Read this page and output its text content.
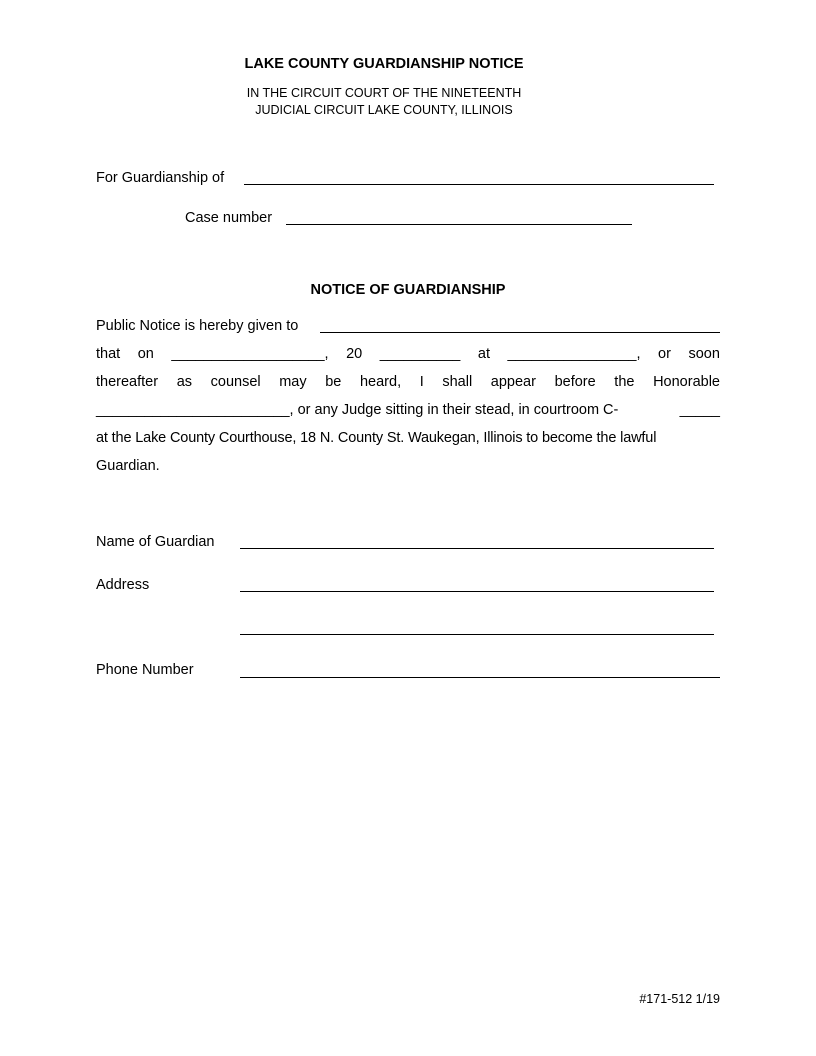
LAKE COUNTY GUARDIANSHIP NOTICE
IN THE CIRCUIT COURT OF THE NINETEENTH
JUDICIAL CIRCUIT LAKE COUNTY, ILLINOIS
For Guardianship of
Case number
NOTICE OF GUARDIANSHIP
Public Notice is hereby given to
that on ___________________, 20 __________ at ________________, or soon
thereafter as counsel may be heard, I shall appear before the Honorable
________________________, or any Judge sitting in their stead, in courtroom C-	_____
at the Lake County Courthouse, 18 N. County St. Waukegan, Illinois to become the lawful
Guardian.
Name of Guardian
Address
Phone Number
#171-512 1/19
